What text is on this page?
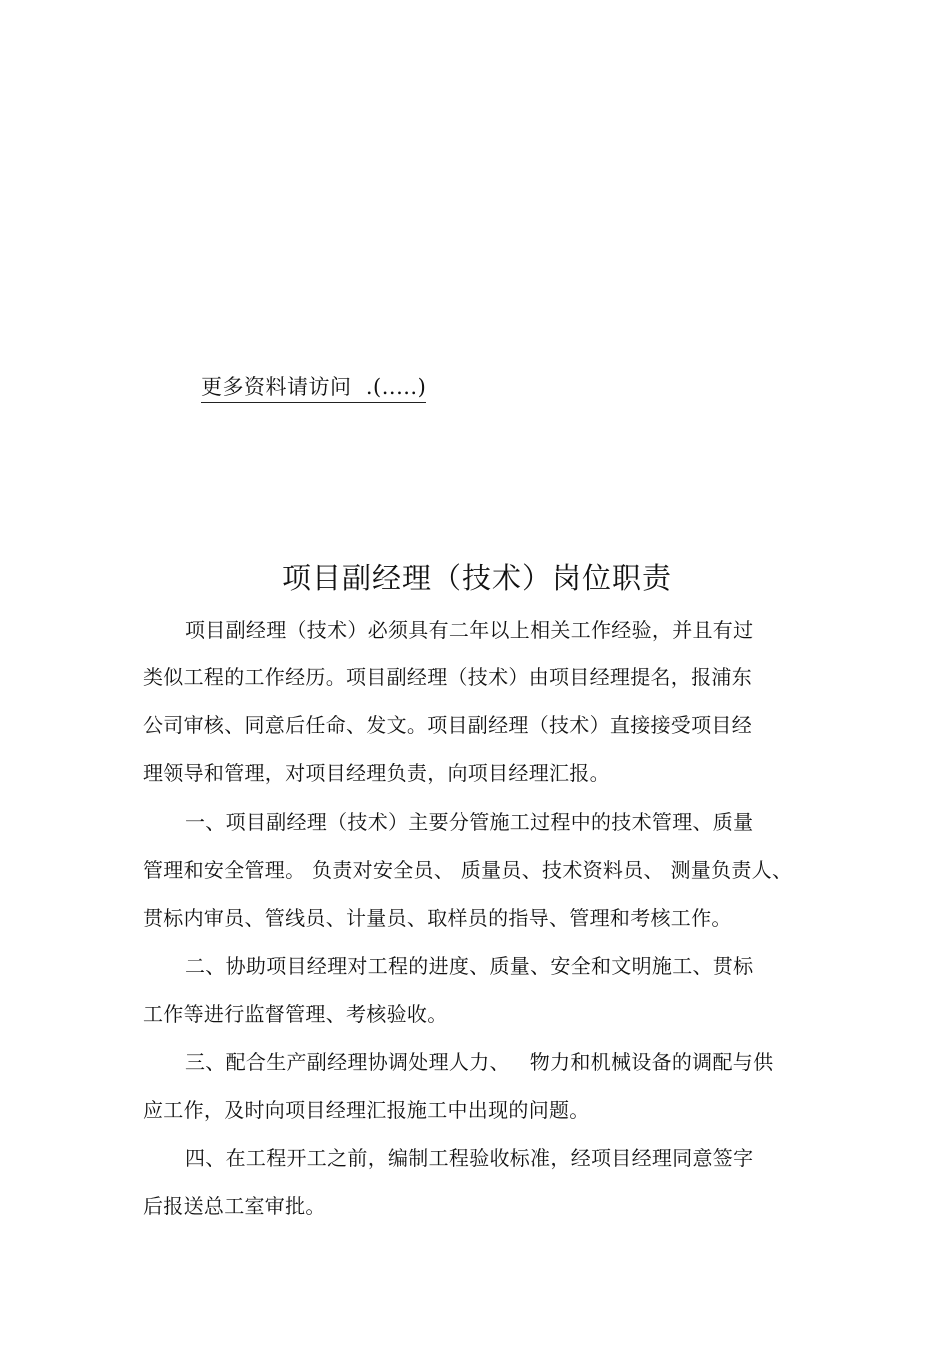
更多资料请访问  .(.....)
项目副经理（技术）岗位职责
项目副经理（技术）必须具有二年以上相关工作经验，并且有过
类似工程的工作经历。项目副经理（技术）由项目经理提名，报浦东
公司审核、同意后任命、发文。项目副经理（技术）直接接受项目经
理领导和管理，对项目经理负责，向项目经理汇报。
一、项目副经理（技术）主要分管施工过程中的技术管理、质量
管理和安全管理。 负责对安全员、 质量员、技术资料员、 测量负责人、
贯标内审员、管线员、计量员、取样员的指导、管理和考核工作。
二、协助项目经理对工程的进度、质量、安全和文明施工、贯标
工作等进行监督管理、考核验收。
三、配合生产副经理协调处理人力、   物力和机械设备的调配与供
应工作，及时向项目经理汇报施工中出现的问题。
四、在工程开工之前，编制工程验收标准，经项目经理同意签字
后报送总工室审批。
